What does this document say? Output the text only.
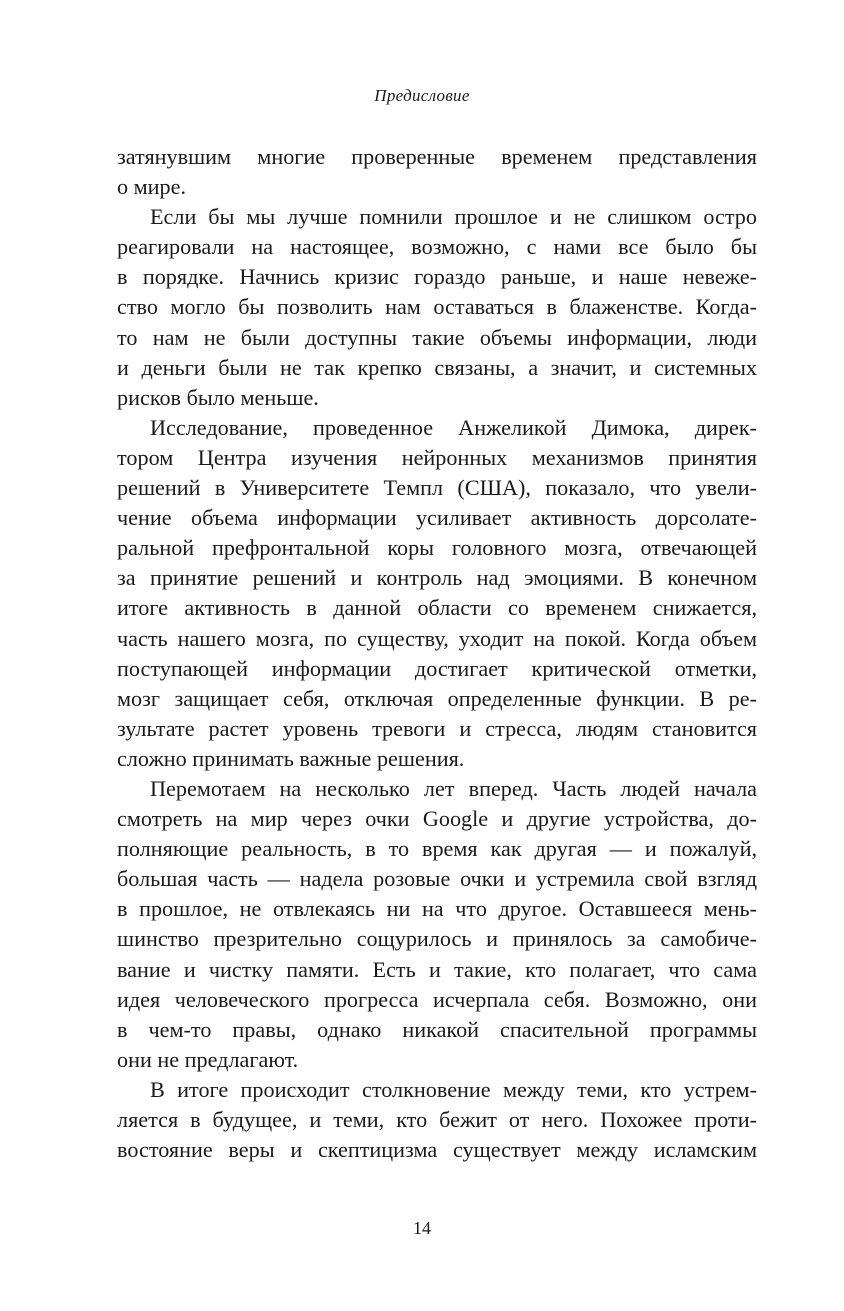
Предисловие
затянувшим многие проверенные временем представления
о мире.
Если бы мы лучше помнили прошлое и не слишком остро
реагировали на настоящее, возможно, с нами все было бы
в порядке. Начнись кризис гораздо раньше, и наше невеже-
ство могло бы позволить нам оставаться в блаженстве. Когда-
то нам не были доступны такие объемы информации, люди
и деньги были не так крепко связаны, а значит, и системных
рисков было меньше.
Исследование, проведенное Анжеликой Димока, дирек-
тором Центра изучения нейронных механизмов принятия
решений в Университете Темпл (США), показало, что увели-
чение объема информации усиливает активность дорсолате-
ральной префронтальной коры головного мозга, отвечающей
за принятие решений и контроль над эмоциями. В конечном
итоге активность в данной области со временем снижается,
часть нашего мозга, по существу, уходит на покой. Когда объем
поступающей информации достигает критической отметки,
мозг защищает себя, отключая определенные функции. В ре-
зультате растет уровень тревоги и стресса, людям становится
сложно принимать важные решения.
Перемотаем на несколько лет вперед. Часть людей начала
смотреть на мир через очки Google и другие устройства, до-
полняющие реальность, в то время как другая — и пожалуй,
большая часть — надела розовые очки и устремила свой взгляд
в прошлое, не отвлекаясь ни на что другое. Оставшееся мень-
шинство презрительно сощурилось и принялось за самобиче-
вание и чистку памяти. Есть и такие, кто полагает, что сама
идея человеческого прогресса исчерпала себя. Возможно, они
в чем-то правы, однако никакой спасительной программы
они не предлагают.
В итоге происходит столкновение между теми, кто устрем-
ляется в будущее, и теми, кто бежит от него. Похожее проти-
востояние веры и скептицизма существует между исламским
14
